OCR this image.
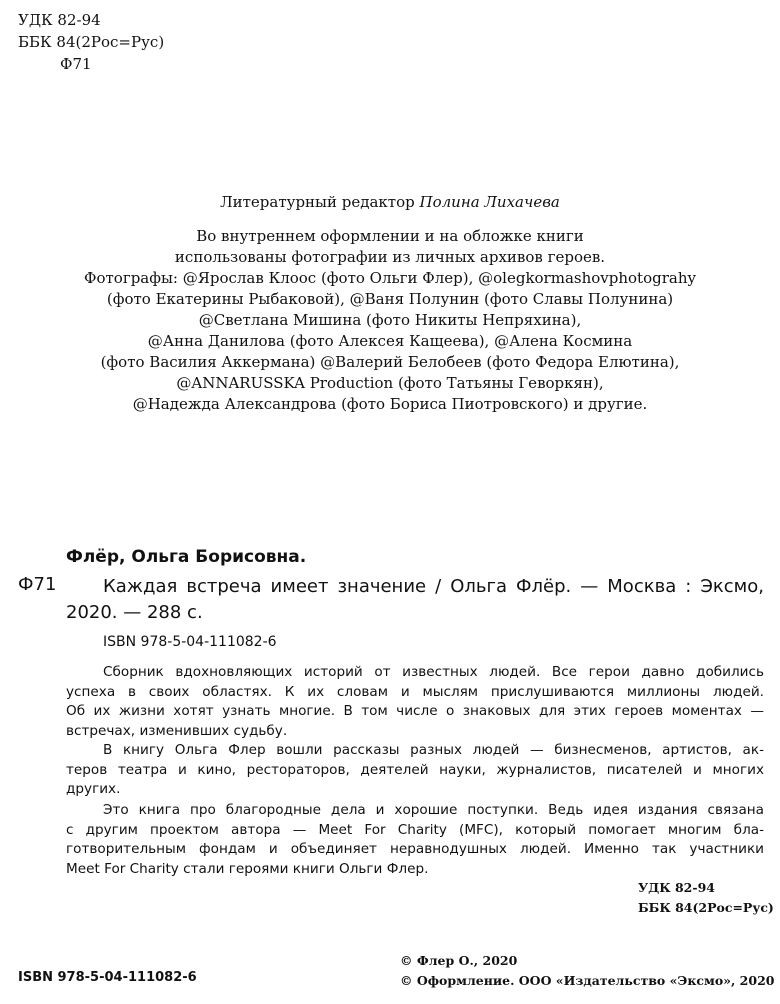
УДК 82-94
ББК 84(2Рос=Рус)
Ф71
Литературный редактор Полина Лихачева
Во внутреннем оформлении и на обложке книги
использованы фотографии из личных архивов героев.
Фотографы: @Ярослав Клоос (фото Ольги Флер), @olegkormashovphotograhy
(фото Екатерины Рыбаковой), @Ваня Полунин (фото Славы Полунина)
@Светлана Мишина (фото Никиты Непряхина),
@Анна Данилова (фото Алексея Кащеева), @Алена Космина
(фото Василия Аккермана) @Валерий Белобеев (фото Федора Елютина),
@ANNARUSSKA Production (фото Татьяны Геворкян),
@Надежда Александрова (фото Бориса Пиотровского) и другие.
Флёр, Ольга Борисовна.
Ф71	Каждая встреча имеет значение / Ольга Флёр. — Москва : Эксмо,
2020. — 288 с.
ISBN 978-5-04-111082-6
Сборник вдохновляющих историй от известных людей. Все герои давно добились
успеха в своих областях. К их словам и мыслям прислушиваются миллионы людей.
Об их жизни хотят узнать многие. В том числе о знаковых для этих героев моментах —
встречах, изменивших судьбу.
В книгу Ольга Флер вошли рассказы разных людей — бизнесменов, артистов, ак-
теров театра и кино, рестораторов, деятелей науки, журналистов, писателей и многих
других.
Это книга про благородные дела и хорошие поступки. Ведь идея издания связана
с другим проектом автора — Meet For Charity (MFC), который помогает многим бла-
готворительным фондам и объединяет неравнодушных людей. Именно так участники
Meet For Charity стали героями книги Ольги Флер.
УДК 82-94
ББК 84(2Рос=Рус)
© Флер О., 2020
© Оформление. ООО «Издательство «Эксмо», 2020
ISBN 978-5-04-111082-6
